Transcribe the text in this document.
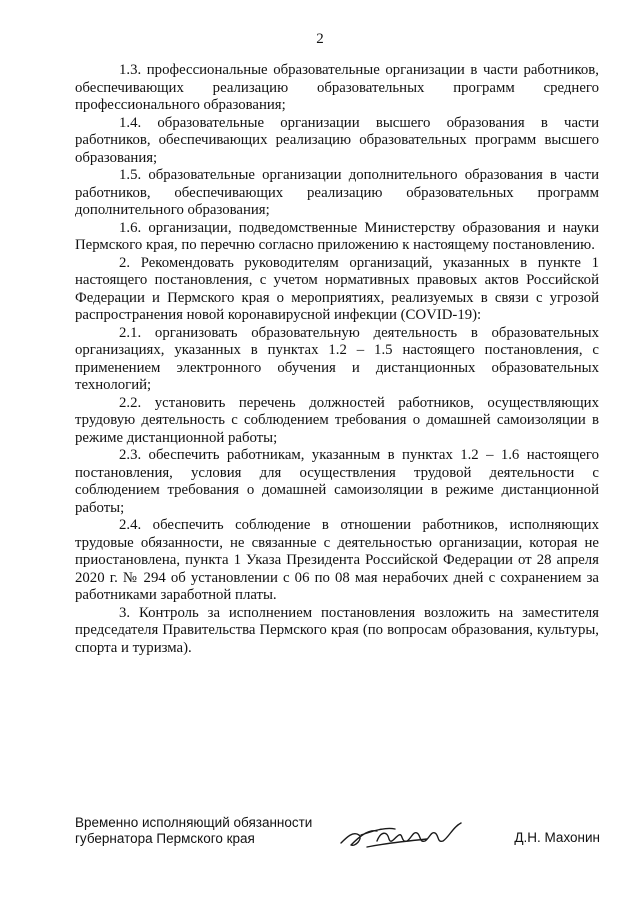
2

1.3. профессиональные образовательные организации в части работников, обеспечивающих реализацию образовательных программ среднего профессионального образования;

1.4. образовательные организации высшего образования в части работников, обеспечивающих реализацию образовательных программ высшего образования;

1.5. образовательные организации дополнительного образования в части работников, обеспечивающих реализацию образовательных программ дополнительного образования;

1.6. организации, подведомственные Министерству образования и науки Пермского края, по перечню согласно приложению к настоящему постановлению.

2. Рекомендовать руководителям организаций, указанных в пункте 1 настоящего постановления, с учетом нормативных правовых актов Российской Федерации и Пермского края о мероприятиях, реализуемых в связи с угрозой распространения новой коронавирусной инфекции (COVID-19):

2.1. организовать образовательную деятельность в образовательных организациях, указанных в пунктах 1.2 – 1.5 настоящего постановления, с применением электронного обучения и дистанционных образовательных технологий;

2.2. установить перечень должностей работников, осуществляющих трудовую деятельность с соблюдением требования о домашней самоизоляции в режиме дистанционной работы;

2.3. обеспечить работникам, указанным в пунктах 1.2 – 1.6 настоящего постановления, условия для осуществления трудовой деятельности с соблюдением требования о домашней самоизоляции в режиме дистанционной работы;

2.4. обеспечить соблюдение в отношении работников, исполняющих трудовые обязанности, не связанные с деятельностью организации, которая не приостановлена, пункта 1 Указа Президента Российской Федерации от 28 апреля 2020 г. № 294 об установлении с 06 по 08 мая нерабочих дней с сохранением за работниками заработной платы.

3. Контроль за исполнением постановления возложить на заместителя председателя Правительства Пермского края (по вопросам образования, культуры, спорта и туризма).

Временно исполняющий обязанности
губернатора Пермского края	Д.Н. Махонин
